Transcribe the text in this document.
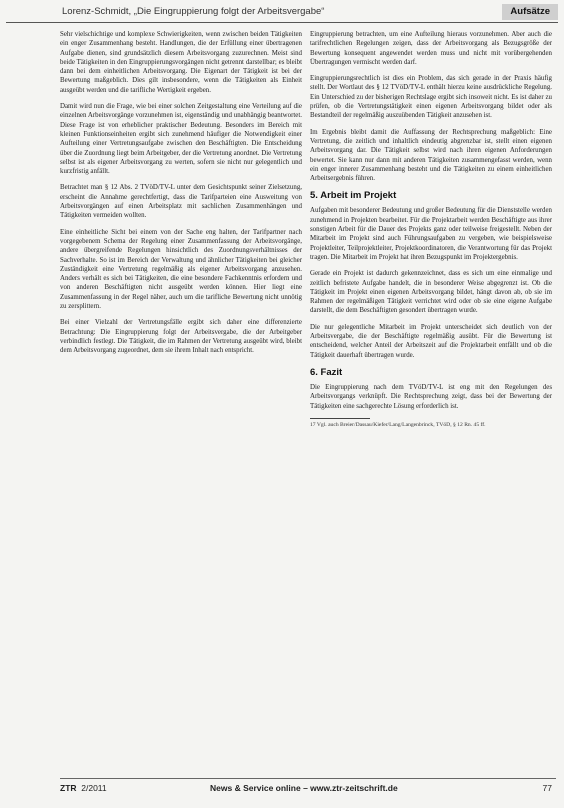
Lorenz-Schmidt, „Die Eingruppierung folgt der Arbeitsvergabe“	Aufsätze

Sehr vielschichtige und komplexe Schwierigkeiten, wenn zwischen beiden Tätigkeiten ein enger Zusammenhang besteht. Handlungen, die der Erfüllung einer übertragenen Aufgabe dienen, sind grundsätzlich diesem Arbeitsvorgang zuzurechnen. Meist sind beide Tätigkeiten in den Eingruppierungsvorgängen nicht getrennt darstellbar; es bleibt dann bei dem einheitlichen Arbeitsvorgang. Die Eigenart der Tätigkeit ist bei der Bewertung maßgeblich. Dies gilt insbesondere, wenn die Tätigkeiten als Einheit ausgeübt werden und die tarifliche Wertigkeit ergeben.

Damit wird nun die Frage, wie bei einer solchen Zeitgestaltung eine Verteilung auf die einzelnen Arbeitsvorgänge vorzunehmen ist, eigenständig und unabhängig beantwortet. Diese Frage ist von erheblicher praktischer Bedeutung. Besonders im Bereich mit kleinen Funktionseinheiten ergibt sich zunehmend häufiger die Notwendigkeit einer Aufteilung einer Vertretungsaufgabe zwischen den Beschäftigten. Die Entscheidung über die Zuordnung liegt beim Arbeitgeber, der die Vertretung anordnet. Die Vertretung selbst ist als eigener Arbeitsvorgang zu werten, sofern sie nicht nur gelegentlich und kurzfristig anfällt.

Betrachtet man § 12 Abs. 2 TVöD/TV-L unter dem Gesichtspunkt seiner Zielsetzung, erscheint die Annahme gerechtfertigt, dass die Tarifparteien eine Ausweitung von Arbeitsvorgängen auf einen Arbeitsplatz mit sachlichen Zusammenhängen und Tätigkeiten vermeiden wollten.

Eine einheitliche Sicht bei einem von der Sache eng halten, der Tarifpartner nach vorgegebenem Schema der Regelung einer Zusammenfassung der Arbeitsvorgänge, andere übergreifende Regelungen hinsichtlich des Zuordnungsverhältnisses der Sachverhalte. So ist im Bereich der Verwaltung und ähnlicher Tätigkeiten bei gleicher Zuständigkeit eine Vertretung regelmäßig als eigener Arbeitsvorgang anzusehen. Anders verhält es sich bei Tätigkeiten, die eine besondere Fachkenntnis erfordern und von anderen Beschäftigten nicht ausgeübt werden können. Hier liegt eine Zusammenfassung in der Regel näher, auch um die tarifliche Bewertung nicht unnötig zu zersplittern.

Bei einer Vielzahl der Vertretungsfälle ergibt sich daher eine differenzierte Betrachtung: Die Eingruppierung folgt der Arbeitsvergabe, die der Arbeitgeber verbindlich festlegt. Die Tätigkeit, die im Rahmen der Vertretung ausgeübt wird, bleibt dem Arbeitsvorgang zugeordnet, dem sie ihrem Inhalt nach entspricht.

Eingruppierung betrachten, um eine Aufteilung hieraus vorzunehmen. Aber auch die tarifrechtlichen Regelungen zeigen, dass der Arbeitsvorgang als Bezugsgröße der Bewertung konsequent angewendet werden muss und nicht mit vorübergehenden Übertragungen vermischt werden darf.

Eingruppierungsrechtlich ist dies ein Problem, das sich gerade in der Praxis häufig stellt. Der Wortlaut des § 12 TVöD/TV-L enthält hierzu keine ausdrückliche Regelung. Ein Unterschied zu der bisherigen Rechtslage ergibt sich insoweit nicht. Es ist daher zu prüfen, ob die Vertretungstätigkeit einen eigenen Arbeitsvorgang bildet oder als Bestandteil der regelmäßig auszuübenden Tätigkeit anzusehen ist.

Im Ergebnis bleibt damit die Auffassung der Rechtsprechung maßgeblich: Eine Vertretung, die zeitlich und inhaltlich eindeutig abgrenzbar ist, stellt einen eigenen Arbeitsvorgang dar. Die Tätigkeit selbst wird nach ihren eigenen Anforderungen bewertet. Sie kann nur dann mit anderen Tätigkeiten zusammengefasst werden, wenn ein enger innerer Zusammenhang besteht und die Tätigkeiten zu einem einheitlichen Arbeitsergebnis führen.

5. Arbeit im Projekt

Aufgaben mit besonderer Bedeutung und großer Bedeutung für die Dienststelle werden zunehmend in Projekten bearbeitet. Für die Projektarbeit werden Beschäftigte aus ihrer sonstigen Arbeit für die Dauer des Projekts ganz oder teilweise freigestellt. Neben der Mitarbeit im Projekt sind auch Führungsaufgaben zu vergeben, wie beispielsweise Projektleiter, Teilprojektleiter, Projektkoordinatoren, die Verantwortung für das Projekt tragen. Die Mitarbeit im Projekt hat ihren Bezugspunkt im Projektergebnis.

Gerade ein Projekt ist dadurch gekennzeichnet, dass es sich um eine einmalige und zeitlich befristete Aufgabe handelt, die in besonderer Weise abgegrenzt ist. Ob die Tätigkeit im Projekt einen eigenen Arbeitsvorgang bildet, hängt davon ab, ob sie im Rahmen der regelmäßigen Tätigkeit verrichtet wird oder ob sie eine eigene Aufgabe darstellt, die dem Beschäftigten gesondert übertragen wurde.

Die nur gelegentliche Mitarbeit im Projekt unterscheidet sich deutlich von der Arbeitsvergabe, die der Beschäftigte regelmäßig ausübt. Für die Bewertung ist entscheidend, welcher Anteil der Arbeitszeit auf die Projektarbeit entfällt und ob die Tätigkeit dauerhaft übertragen wurde.

6. Fazit

Die Eingruppierung nach dem TVöD/TV-L ist eng mit den Regelungen des Arbeitsvorgangs verknüpft. Die Rechtsprechung zeigt, dass bei der Bewertung der Tätigkeiten eine sachgerechte Lösung erforderlich ist.

17 Vgl. auch Breier/Dassau/Kiefer/Lang/Langenbrinck, TVöD, § 12 Rn. 45 ff.
ZTR 2/2011	News & Service online – www.ztr-zeitschrift.de	77
